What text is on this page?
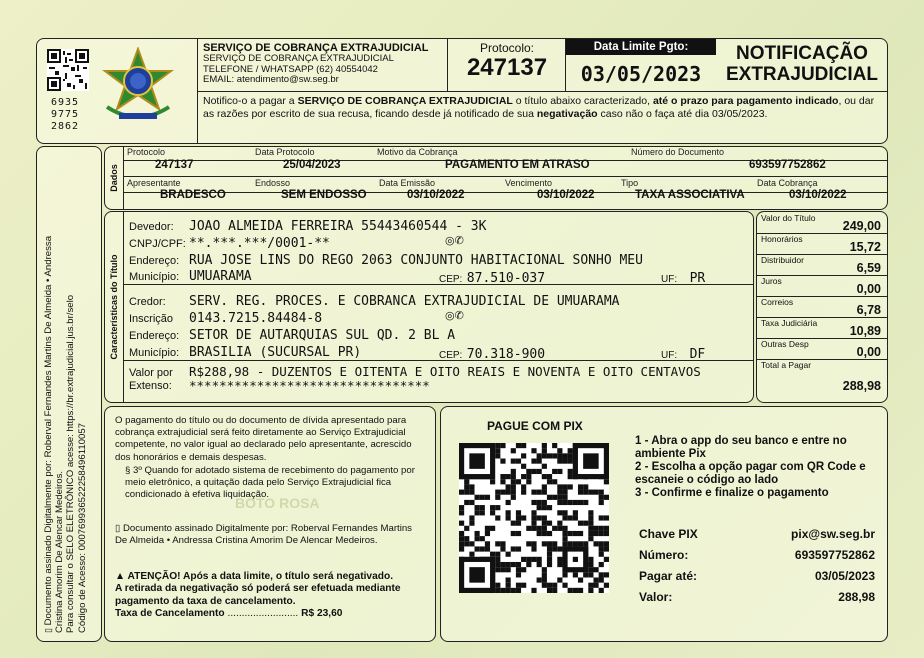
6935
9775
2862
SERVIÇO DE COBRANÇA EXTRAJUDICIAL
SERVIÇO DE COBRANÇA EXTRAJUDICIAL
TELEFONE / WHATSAPP (62) 40554042
EMAIL: atendimento@sw.seg.br
Protocolo:
247137
Data Limite Pgto:
03/05/2023
NOTIFICAÇÃO
EXTRAJUDICIAL
Notifico-o a pagar a SERVIÇO DE COBRANÇA EXTRAJUDICIAL o título abaixo caracterizado, até o prazo para pagamento indicado, ou dar as razões por escrito de sua recusa, ficando desde já notificado de sua negativação caso não o faça até dia 03/05/2023.
▯ Documento assinado Digitalmente por: Roberval Fernandes Martins De Almeida • Andressa Cristina Amorim De Alencar Medeiros. Para consultar o SELO ELETRÔNICO acesse: https://br.extrajudicial.jus.br/selo Código de Acesso: 000769936522258496110057
Dados
Protocolo
247137
Data Protocolo
25/04/2023
Motivo da Cobrança
PAGAMENTO EM ATRASO
Número do Documento
693597752862
Apresentante
BRADESCO
Endosso
SEM ENDOSSO
Data Emissão
03/10/2022
Vencimento
03/10/2022
Tipo
TAXA ASSOCIATIVA
Data Cobrança
03/10/2022
Características do Título
Devedor: JOAO ALMEIDA FERREIRA 55443460544 - 3K
CNPJ/CPF: **.***.***/0001-**	◎✆
Endereço: RUA JOSE LINS DO REGO 2063 CONJUNTO HABITACIONAL SONHO MEU
Município: UMUARAMA	CEP: 87.510-037	UF: PR
Credor: SERV. REG. PROCES. E COBRANCA EXTRAJUDICIAL DE UMUARAMA
Inscrição 0143.7215.84484-8	◎✆
Endereço: SETOR DE AUTARQUIAS SUL QD. 2 BL A
Município: BRASILIA (SUCURSAL PR)	CEP: 70.318-900	UF: DF
Valor por
Extenso:
R$288,98 - DUZENTOS E OITENTA E OITO REAIS E NOVENTA E OITO CENTAVOS
********************************
Valor do Título
249,00
Honorários
15,72
Distribuidor
6,59
Juros
0,00
Correios
6,78
Taxa Judiciária
10,89
Outras Desp
0,00
Total a Pagar
288,98
BOTO ROSA
O pagamento do título ou do documento de dívida apresentado para cobrança extrajudicial será feito diretamente ao Serviço Extrajudicial competente, no valor igual ao declarado pelo apresentante, acrescido dos honorários e demais despesas.
§ 3º Quando for adotado sistema de recebimento do pagamento por meio eletrônico, a quitação dada pelo Serviço Extrajudicial fica condicionado à efetiva liquidação.
▯ Documento assinado Digitalmente por: Roberval Fernandes Martins De Almeida • Andressa Cristina Amorim De Alencar Medeiros.
▲ ATENÇÃO! Após a data limite, o título será negativado.
A retirada da negativação só poderá ser efetuada mediante pagamento da taxa de cancelamento.
Taxa de Cancelamento ......................... R$ 23,60
PAGUE COM PIX
1 - Abra o app do seu banco e entre no ambiente Pix
2 - Escolha a opção pagar com QR Code e escaneie o código ao lado
3 - Confirme e finalize o pagamento
Chave PIX	pix@sw.seg.br
Número:	693597752862
Pagar até:	03/05/2023
Valor:	288,98
